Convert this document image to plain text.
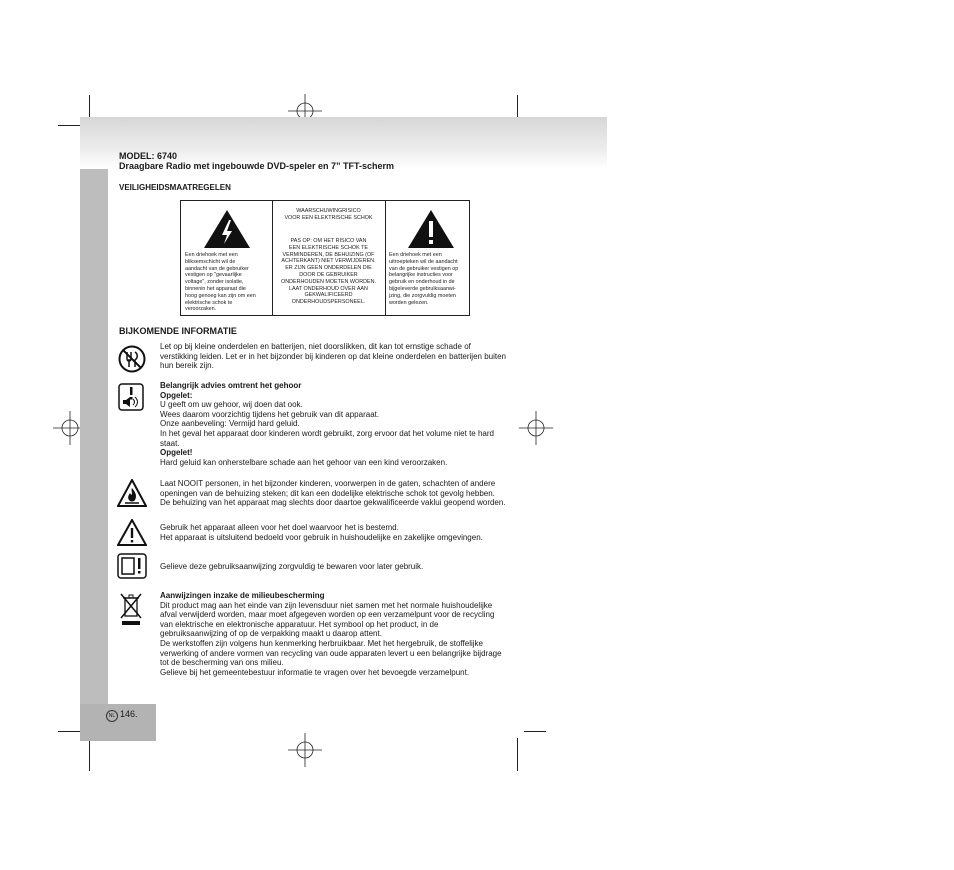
MODEL: 6740
Draagbare Radio met ingebouwde DVD-speler en 7” TFT-scherm
VEILIGHEIDSMAATREGELEN
Een driehoek met een
bliksemschicht wil de
aandacht van de gebruiker
vestigen op "gevaarlijke
voltage", zonder isolatie,
binnenin het apparaat die
hoog genoeg kan zijn om een
elektrische schok te
veroorzaken.
WAARSCHUWINGRISICO
VOOR EEN ELEKTRISCHE SCHOK
PAS OP: OM HET RISICO VAN
EEN ELEKTRISCHE SCHOK TE
VERMINDEREN, DE BEHUIZING (OF
ACHTERKANT) NIET VERWIJDEREN.
ER ZIJN GEEN ONDERDELEN DIE
DOOR DE GEBRUIKER
ONDERHOUDEN MOETEN WORDEN.
LAAT ONDERHOUD OVER AAN
GEKWALIFICEERD
ONDERHOUDSPERSONEEL.
Een driehoek met een
uitroepteken wil de aandacht
van de gebruiker vestigen op
belangrijke instructies voor
gebruik en onderhoud in de
bijgeleverde gebruiksaanwi-
jzing, die zorgvuldig moeten
worden gelezen.
BIJKOMENDE INFORMATIE
Let op bij kleine onderdelen en batterijen, niet doorslikken, dit kan tot ernstige schade of
verstikking leiden. Let er in het bijzonder bij kinderen op dat kleine onderdelen en batterijen buiten
hun bereik zijn.
Belangrijk advies omtrent het gehoor
Opgelet:
U geeft om uw gehoor, wij doen dat ook.
Wees daarom voorzichtig tijdens het gebruik van dit apparaat.
Onze aanbeveling: Vermijd hard geluid.
In het geval het apparaat door kinderen wordt gebruikt, zorg ervoor dat het volume niet te hard
staat.
Opgelet!
Hard geluid kan onherstelbare schade aan het gehoor van een kind veroorzaken.
Laat NOOIT personen, in het bijzonder kinderen, voorwerpen in de gaten, schachten of andere
openingen van de behuizing steken; dit kan een dodelijke elektrische schok tot gevolg hebben.
De behuizing van het apparaat mag slechts door daartoe gekwalificeerde vaklui geopend worden.
Gebruik het apparaat alleen voor het doel waarvoor het is bestemd.
Het apparaat is uitsluitend bedoeld voor gebruik in huishoudelijke en zakelijke omgevingen.
Gelieve deze gebruiksaanwijzing zorgvuldig te bewaren voor later gebruik.
Aanwijzingen inzake de milieubescherming
Dit product mag aan het einde van zijn levensduur niet samen met het normale huishoudelijke
afval verwijderd worden, maar moet afgegeven worden op een verzamelpunt voor de recycling
van elektrische en elektronische apparatuur. Het symbool op het product, in de
gebruiksaanwijzing of op de verpakking maakt u daarop attent.
De werkstoffen zijn volgens hun kenmerking herbruikbaar. Met het hergebruik, de stoffelijke
verwerking of andere vormen van recycling van oude apparaten levert u een belangrijke bijdrage
tot de bescherming van ons milieu.
Gelieve bij het gemeentebestuur informatie te vragen over het bevoegde verzamelpunt.
NL 146.
